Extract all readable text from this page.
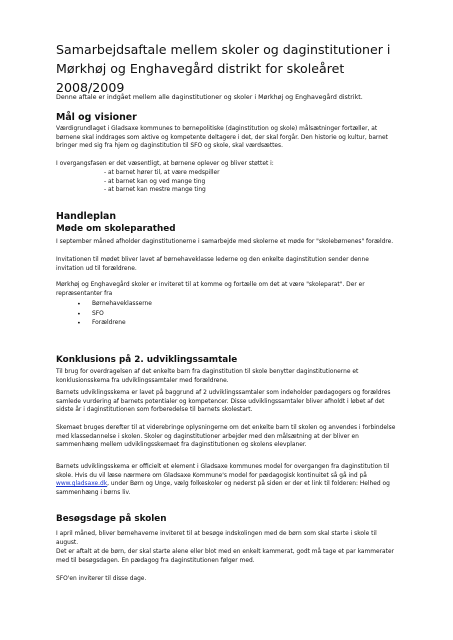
Samarbejdsaftale mellem skoler og daginstitutioner i Mørkhøj og Enghavegård distrikt for skoleåret 2008/2009

Denne aftale er indgået mellem alle daginstitutioner og skoler i Mørkhøj og Enghavegård distrikt.

Mål og visioner

Værdigrundlaget i Gladsaxe kommunes to børnepolitiske (daginstitution og skole) målsætninger fortæller, at børnene skal inddrages som aktive og kompetente deltagere i det, der skal forgår. Den historie og kultur, barnet bringer med sig fra hjem og daginstitution til SFO og skole, skal værdsættes.

I overgangsfasen er det væsentligt, at børnene oplever og bliver støttet i:

- at barnet hører til, at være medspiller

- at barnet kan og ved mange ting

- at barnet kan mestre mange ting

Handleplan
Møde om skoleparathed

I september måned afholder daginstitutionerne i samarbejde med skolerne et møde for "skolebørnenes" forældre.

Invitationen til mødet bliver lavet af børnehaveklasse lederne og den enkelte daginstitution sender denne invitation ud til forældrene.

Mørkhøj og Enghavegård skoler er inviteret til at komme og fortælle om det at være "skoleparat". Der er repræsentanter fra

• Børnehaveklasserne
• SFO
• Forældrene
Konklusions på 2. udviklingssamtale

Til brug for overdragelsen af det enkelte barn fra daginstitution til skole benytter daginstitutionerne et konklusionsskema fra udviklingssamtaler med forældrene.

Barnets udviklingsskema er lavet på baggrund af 2 udviklingssamtaler som indeholder pædagogers og forældres samlede vurdering af barnets potentialer og kompetencer. Disse udviklingssamtaler bliver afholdt i løbet af det sidste år i daginstitutionen som forberedelse til barnets skolestart.

Skemaet bruges derefter til at viderebringe oplysningerne om det enkelte barn til skolen og anvendes i forbindelse med klassedannelse i skolen. Skoler og daginstitutioner arbejder med den målsætning at der bliver en sammenhæng mellem udviklingsskemaet fra daginstitutionen og skolens elevplaner.

Barnets udviklingsskema er officielt et element i Gladsaxe kommunes model for overgangen fra daginstitution til skole. Hvis du vil læse nærmere om Gladsaxe Kommune's model for pædagogisk kontinuitet så gå ind på www.gladsaxe.dk, under Børn og Unge, vælg folkeskoler og nederst på siden er der et link til folderen: Helhed og sammenhæng i børns liv.

Besøgsdage på skolen

I april måned, bliver børnehaverne inviteret til at besøge indskolingen med de børn som skal starte i skole til august.

Det er aftalt at de børn, der skal starte alene eller blot med en enkelt kammerat, godt må tage et par kammerater med til besøgsdagen. En pædagog fra daginstitutionen følger med.

SFO'en inviterer til disse dage.
